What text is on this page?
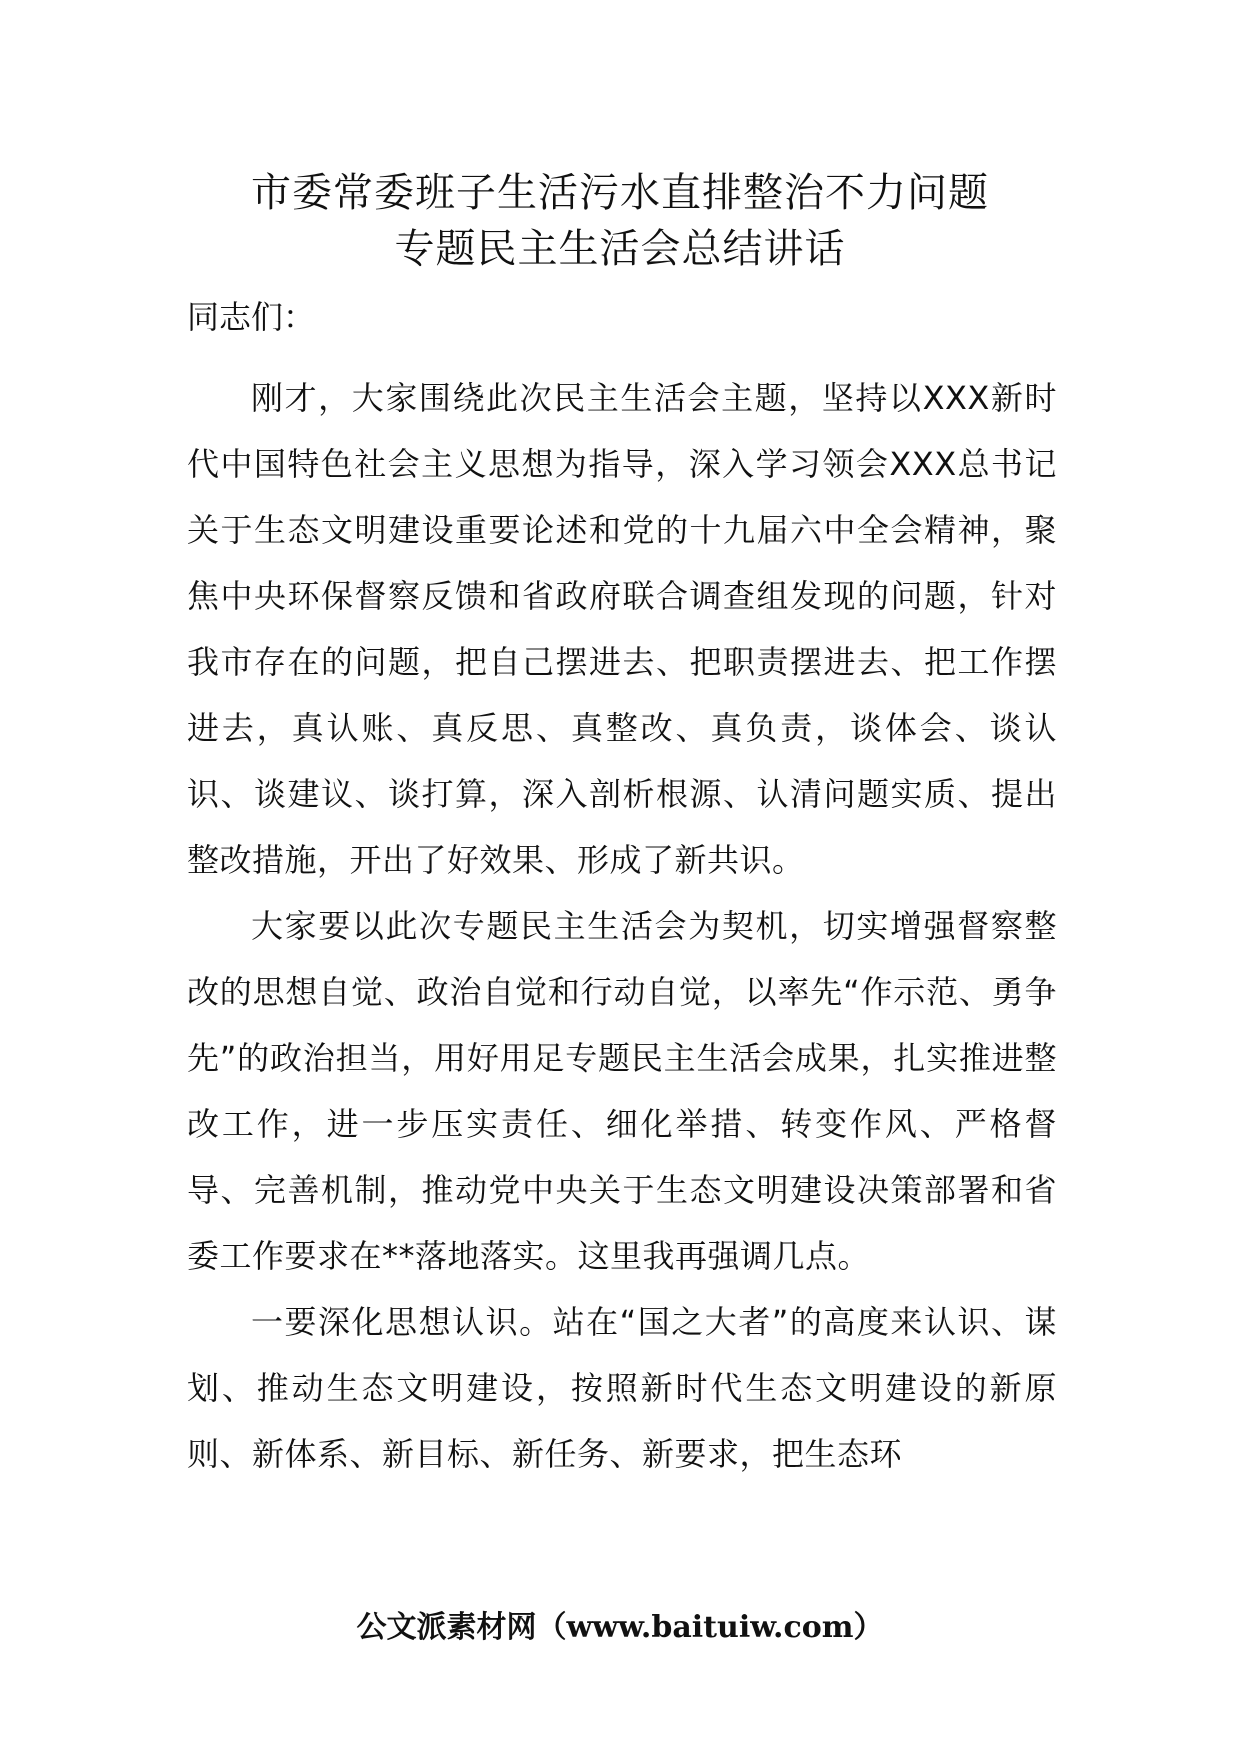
市委常委班子生活污水直排整治不力问题
专题民主生活会总结讲话

同志们：

刚才，大家围绕此次民主生活会主题，坚持以XXX新时代中国特色社会主义思想为指导，深入学习领会XXX总书记关于生态文明建设重要论述和党的十九届六中全会精神，聚焦中央环保督察反馈和省政府联合调查组发现的问题，针对我市存在的问题，把自己摆进去、把职责摆进去、把工作摆进去，真认账、真反思、真整改、真负责，谈体会、谈认识、谈建议、谈打算，深入剖析根源、认清问题实质、提出整改措施，开出了好效果、形成了新共识。

大家要以此次专题民主生活会为契机，切实增强督察整改的思想自觉、政治自觉和行动自觉，以率先“作示范、勇争先”的政治担当，用好用足专题民主生活会成果，扎实推进整改工作，进一步压实责任、细化举措、转变作风、严格督导、完善机制，推动党中央关于生态文明建设决策部署和省委工作要求在**落地落实。这里我再强调几点。

一要深化思想认识。站在“国之大者”的高度来认识、谋划、推动生态文明建设，按照新时代生态文明建设的新原则、新体系、新目标、新任务、新要求，把生态环

公文派素材网（www.baituiw.com）
